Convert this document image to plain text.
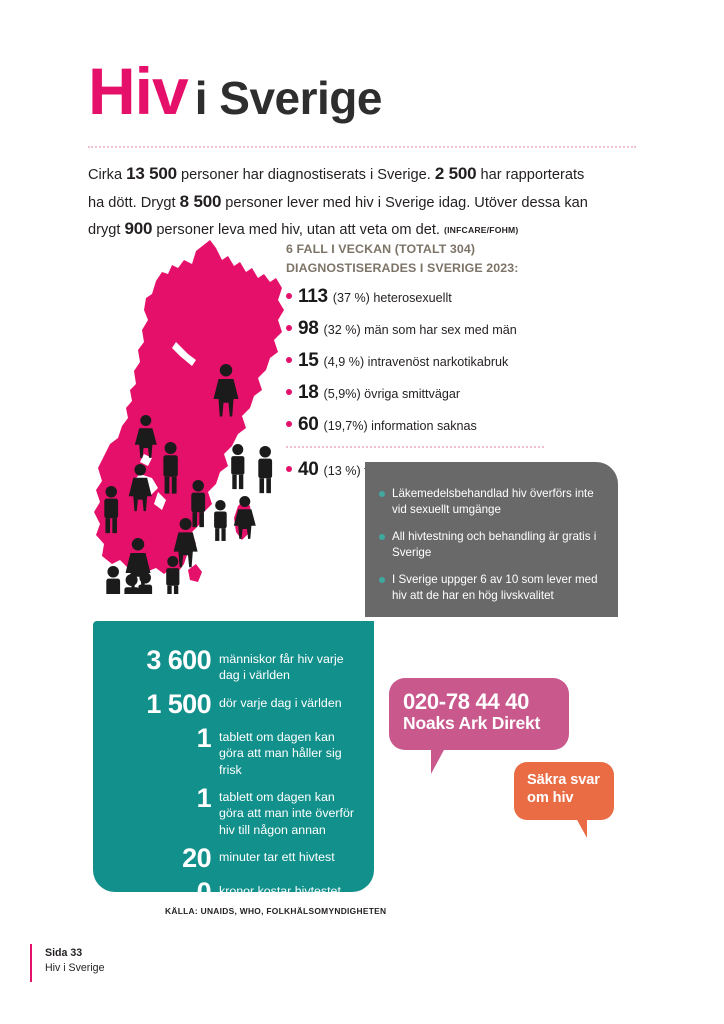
Hiv i Sverige
Cirka 13 500 personer har diagnostiserats i Sverige. 2 500 har rapporterats ha dött. Drygt 8 500 personer lever med hiv i Sverige idag. Utöver dessa kan drygt 900 personer leva med hiv, utan att veta om det. (INFCARE/FOHM)
6 FALL I VECKAN (TOTALT 304)
DIAGNOSTISERADES I SVERIGE 2023:
113 (37 %)
heterosexuellt
98 (32 %)
män som har sex med män
15 (4,9 %)
intravenöst narkotikabruk
18 (5,9%)
övriga smittvägar
60 (19,7%)
information saknas
40 (13 %)

Läkemedelsbehandlad hiv överförs inte vid sexuellt umgänge
All hivtestning och behandling är gratis i Sverige
I Sverige uppger 6 av 10 som lever med hiv att de har en hög livskvalitet
3 600 människor får hiv varje dag i världen
1 500 dör varje dag i världen
1 tablett om dagen kan göra att man håller sig frisk
1 tablett om dagen kan göra att man inte överför hiv till någon annan
20 minuter tar ett hivtest
0 kronor kostar hivtestet
020-78 44 40
Noaks Ark Direkt
Säkra svar
om hiv
KÄLLA: UNAIDS, WHO, FOLKHÄLSOMYNDIGHETEN
Sida 33
Hiv i Sverige
